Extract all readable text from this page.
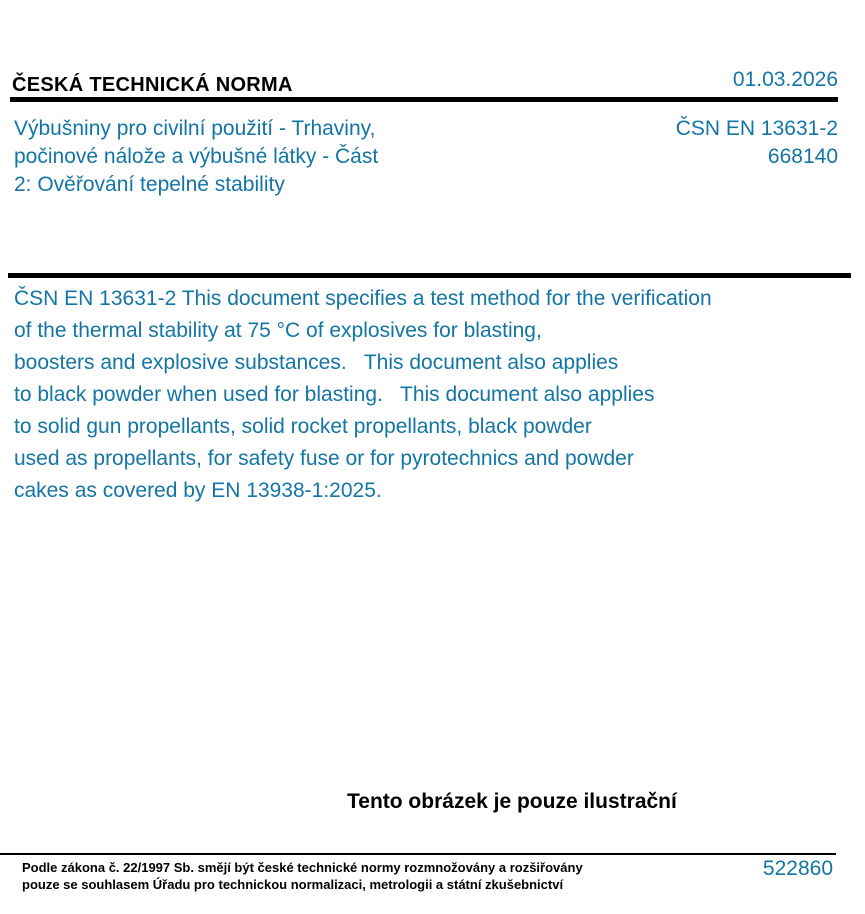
ČESKÁ TECHNICKÁ NORMA	01.03.2026
Výbušniny pro civilní použití - Trhaviny,
počinové nálože a výbušné látky - Část
2: Ověřování tepelné stability
ČSN EN 13631-2
668140
ČSN EN 13631-2 This document specifies a test method for the verification
of the thermal stability at 75 °C of explosives for blasting,
boosters and explosive substances.   This document also applies
to black powder when used for blasting.   This document also applies
to solid gun propellants, solid rocket propellants, black powder
used as propellants, for safety fuse or for pyrotechnics and powder
cakes as covered by EN 13938-1:2025.
Tento obrázek je pouze ilustrační
Podle zákona č. 22/1997 Sb. smějí být české technické normy rozmnožovány a rozšiřovány
pouze se souhlasem Úřadu pro technickou normalizaci, metrologii a státní zkušebnictví
522860
